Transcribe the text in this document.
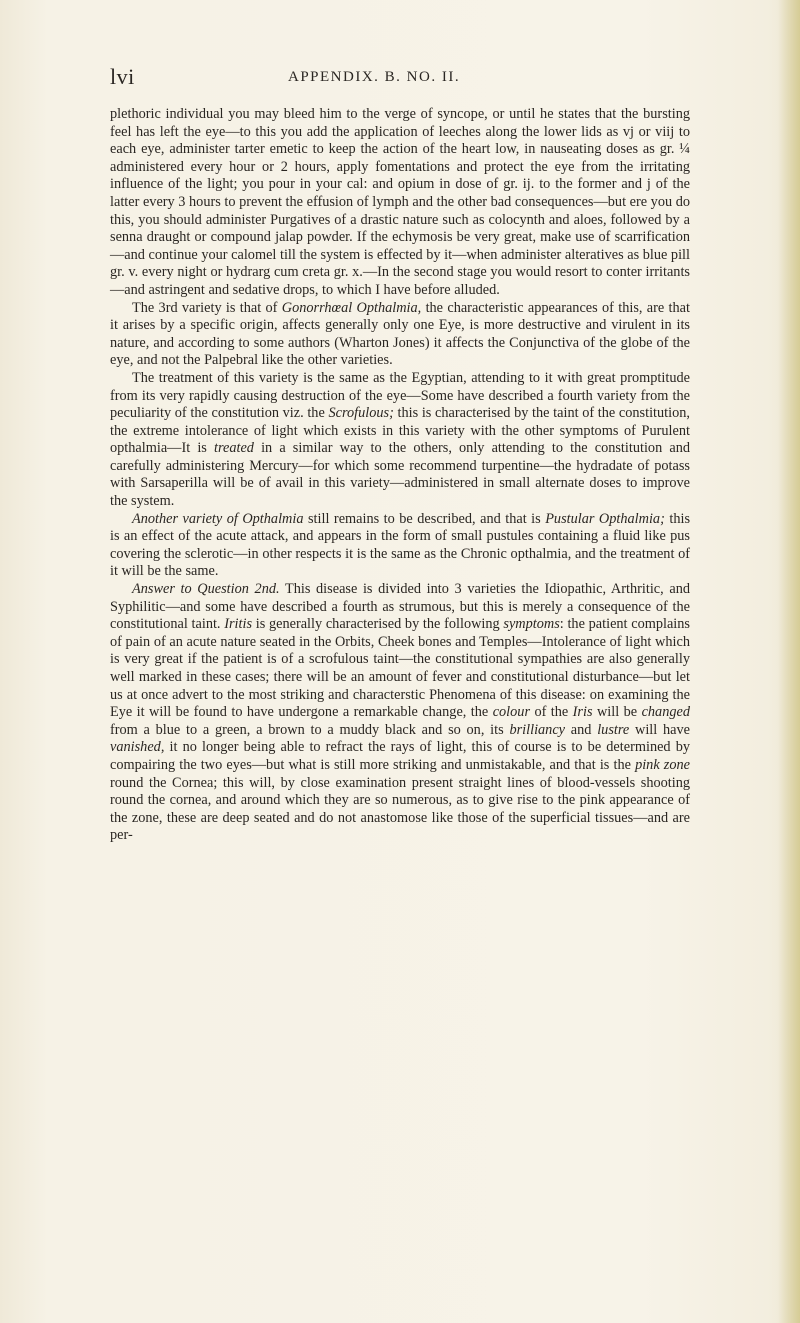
lvi	APPENDIX. B. NO. II.

plethoric individual you may bleed him to the verge of syncope, or until he states that the bursting feel has left the eye—to this you add the application of leeches along the lower lids as vj or viij to each eye, administer tarter emetic to keep the action of the heart low, in nauseating doses as gr. ¼ administered every hour or 2 hours, apply fomentations and protect the eye from the irritating influence of the light; you pour in your cal: and opium in dose of gr. ij. to the former and j of the latter every 3 hours to prevent the effusion of lymph and the other bad consequences—but ere you do this, you should administer Purgatives of a drastic nature such as colocynth and aloes, followed by a senna draught or compound jalap powder. If the echymosis be very great, make use of scarrification—and continue your calomel till the system is effected by it—when administer alteratives as blue pill gr. v. every night or hydrarg cum creta gr. x.—In the second stage you would resort to conter irritants—and astringent and sedative drops, to which I have before alluded.

The 3rd variety is that of Gonorrhœal Opthalmia, the characteristic appearances of this, are that it arises by a specific origin, affects generally only one Eye, is more destructive and virulent in its nature, and according to some authors (Wharton Jones) it affects the Conjunctiva of the globe of the eye, and not the Palpebral like the other varieties.

The treatment of this variety is the same as the Egyptian, attending to it with great promptitude from its very rapidly causing destruction of the eye—Some have described a fourth variety from the peculiarity of the constitution viz. the Scrofulous; this is characterised by the taint of the constitution, the extreme intolerance of light which exists in this variety with the other symptoms of Purulent opthalmia—It is treated in a similar way to the others, only attending to the constitution and carefully administering Mercury—for which some recommend turpentine—the hydradate of potass with Sarsaperilla will be of avail in this variety—administered in small alternate doses to improve the system.

Another variety of Opthalmia still remains to be described, and that is Pustular Opthalmia; this is an effect of the acute attack, and appears in the form of small pustules containing a fluid like pus covering the sclerotic—in other respects it is the same as the Chronic opthalmia, and the treatment of it will be the same.

Answer to Question 2nd. This disease is divided into 3 varieties the Idiopathic, Arthritic, and Syphilitic—and some have described a fourth as strumous, but this is merely a consequence of the constitutional taint. Iritis is generally characterised by the following symptoms: the patient complains of pain of an acute nature seated in the Orbits, Cheek bones and Temples—Intolerance of light which is very great if the patient is of a scrofulous taint—the constitutional sympathies are also generally well marked in these cases; there will be an amount of fever and constitutional disturbance—but let us at once advert to the most striking and characterstic Phenomena of this disease: on examining the Eye it will be found to have undergone a remarkable change, the colour of the Iris will be changed from a blue to a green, a brown to a muddy black and so on, its brilliancy and lustre will have vanished, it no longer being able to refract the rays of light, this of course is to be determined by compairing the two eyes—but what is still more striking and unmistakable, and that is the pink zone round the Cornea; this will, by close examination present straight lines of blood-vessels shooting round the cornea, and around which they are so numerous, as to give rise to the pink appearance of the zone, these are deep seated and do not anastomose like those of the superficial tissues—and are per-
